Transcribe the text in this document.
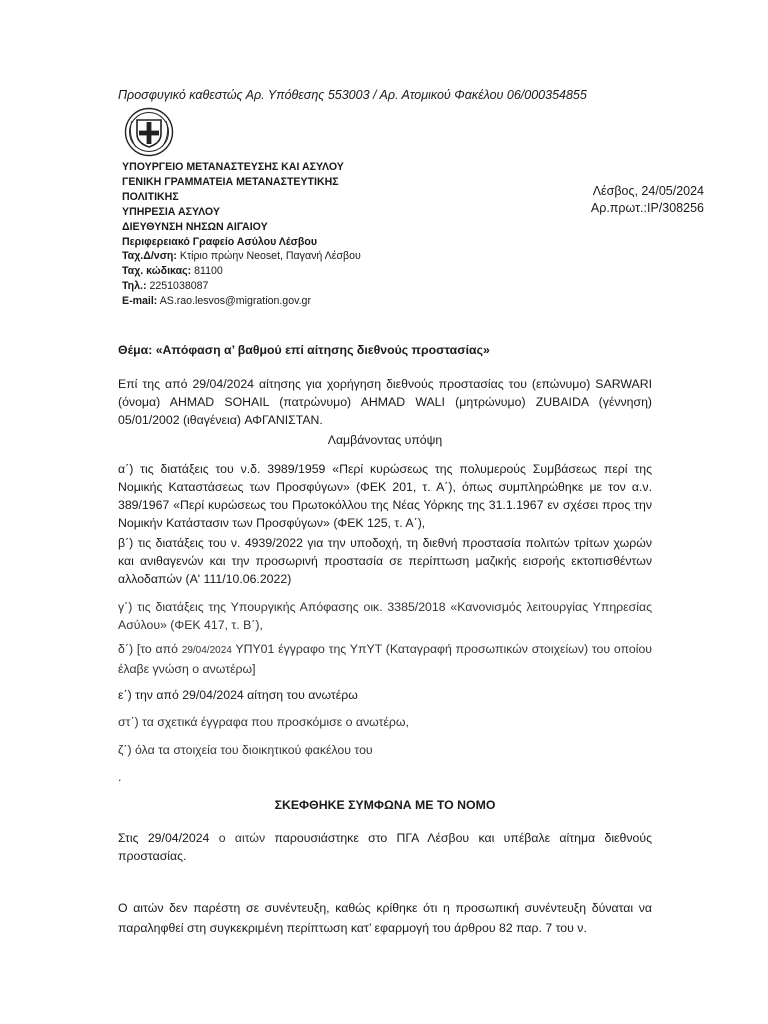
Προσφυγικό καθεστώς Αρ. Υπόθεσης 553003 / Αρ. Ατομικού Φακέλου 06/000354855
ΥΠΟΥΡΓΕΙΟ ΜΕΤΑΝΑΣΤΕΥΣΗΣ ΚΑΙ ΑΣΥΛΟΥ
ΓΕΝΙΚΗ ΓΡΑΜΜΑΤΕΙΑ ΜΕΤΑΝΑΣΤΕΥΤΙΚΗΣ
ΠΟΛΙΤΙΚΗΣ
ΥΠΗΡΕΣΙΑ ΑΣΥΛΟΥ
ΔΙΕΥΘΥΝΣΗ ΝΗΣΩΝ ΑΙΓΑΙΟΥ
Περιφερειακό Γραφείο Ασύλου Λέσβου
Ταχ.Δ/νση: Κτίριο πρώην Neoset, Παγανή Λέσβου
Ταχ. κώδικας: 81100
Τηλ.: 2251038087
E-mail: AS.rao.lesvos@migration.gov.gr
Λέσβος, 24/05/2024
Αρ.πρωτ.:IP/308256
Θέμα: «Απόφαση α’ βαθμού επί αίτησης διεθνούς προστασίας»
Επί της από 29/04/2024 αίτησης για χορήγηση διεθνούς προστασίας του (επώνυμο) SARWARI (όνομα) AHMAD SOHAIL (πατρώνυμο) AHMAD WALI (μητρώνυμο) ZUBAIDA (γέννηση) 05/01/2002 (ιθαγένεια) ΑΦΓΑΝΙΣΤΑΝ.
Λαμβάνοντας υπόψη
α΄) τις διατάξεις του ν.δ. 3989/1959 «Περί κυρώσεως της πολυμερούς Συμβάσεως περί της Νομικής Καταστάσεως των Προσφύγων» (ΦΕΚ 201, τ. Α΄), όπως συμπληρώθηκε με τον α.ν. 389/1967 «Περί κυρώσεως του Πρωτοκόλλου της Νέας Υόρκης της 31.1.1967 εν σχέσει προς την Νομικήν Κατάστασιν των Προσφύγων» (ΦΕΚ 125, τ. Α΄),
β΄) τις διατάξεις του ν. 4939/2022 για την υποδοχή, τη διεθνή προστασία πολιτών τρίτων χωρών και ανιθαγενών και την προσωρινή προστασία σε περίπτωση μαζικής εισροής εκτοπισθέντων αλλοδαπών (Α' 111/10.06.2022)
γ΄) τις διατάξεις της Υπουργικής Απόφασης οικ. 3385/2018 «Κανονισμός λειτουργίας Υπηρεσίας Ασύλου» (ΦΕΚ 417, τ. Β΄),
δ΄) [το από 29/04/2024 ΥΠΥ01 έγγραφο της ΥπΥΤ (Καταγραφή προσωπικών στοιχείων) του οποίου έλαβε γνώση ο ανωτέρω]
ε΄) την από 29/04/2024 αίτηση του ανωτέρω
στ΄) τα σχετικά έγγραφα που προσκόμισε ο ανωτέρω,
ζ΄) όλα τα στοιχεία του διοικητικού φακέλου του
.
ΣΚΕΦΘΗΚΕ ΣΥΜΦΩΝΑ ΜΕ ΤΟ ΝΟΜΟ
Στις 29/04/2024 ο αιτών παρουσιάστηκε στο ΠΓΑ Λέσβου και υπέβαλε αίτημα διεθνούς προστασίας.
Ο αιτών δεν παρέστη σε συνέντευξη, καθώς κρίθηκε ότι η προσωπική συνέντευξη δύναται να παραληφθεί στη συγκεκριμένη περίπτωση κατ’ εφαρμογή του άρθρου 82 παρ. 7 του ν.
